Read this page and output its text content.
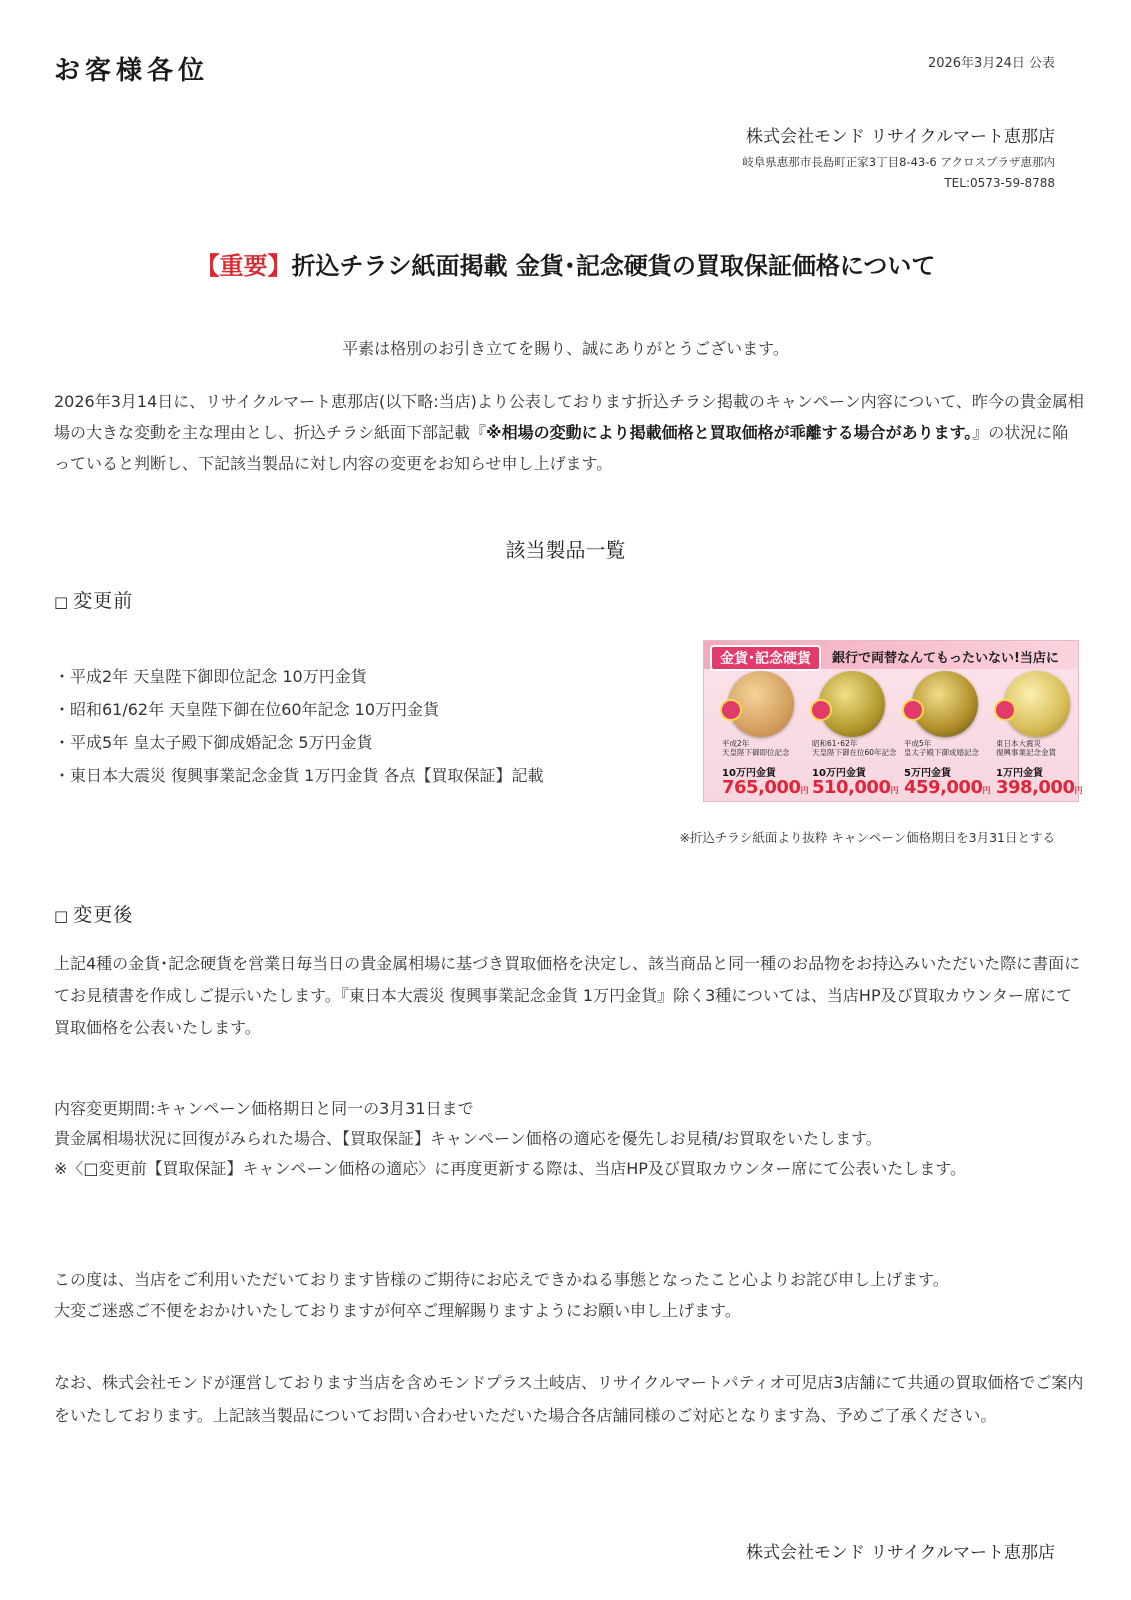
お客様各位	2026年3月24日 公表
株式会社モンド リサイクルマート恵那店
岐阜県恵那市長島町正家3丁目8-43-6 アクロスプラザ恵那内
TEL:0573-59-8788
【重要】折込チラシ紙面掲載 金貨･記念硬貨の買取保証価格について
平素は格別のお引き立てを賜り、誠にありがとうございます。
2026年3月14日に、リサイクルマート恵那店(以下略:当店)より公表しております折込チラシ掲載のキャンペーン内容について、昨今の貴金属相場の大きな変動を主な理由とし、折込チラシ紙面下部記載『※相場の変動により掲載価格と買取価格が乖離する場合があります。』の状況に陥っていると判断し、下記該当製品に対し内容の変更をお知らせ申し上げます。
該当製品一覧
□ 変更前
・平成2年 天皇陛下御即位記念 10万円金貨
・昭和61/62年 天皇陛下御在位60年記念 10万円金貨
・平成5年 皇太子殿下御成婚記念 5万円金貨
・東日本大震災 復興事業記念金貨 1万円金貨 各点【買取保証】記載
金貨･記念硬貨	銀行で両替なんてもったいない!当店に
平成2年
天皇陛下御即位記念
昭和61･62年
天皇陛下御在位60年記念
平成5年
皇太子殿下御成婚記念
東日本大震災
復興事業記念金貨
10万円金貨	10万円金貨	5万円金貨	1万円金貨
765,000円 510,000円 459,000円 398,000円
※折込チラシ紙面より抜粋 キャンペーン価格期日を3月31日とする
□ 変更後
上記4種の金貨･記念硬貨を営業日毎当日の貴金属相場に基づき買取価格を決定し、該当商品と同一種のお品物をお持込みいただいた際に書面にてお見積書を作成しご提示いたします。『東日本大震災 復興事業記念金貨 1万円金貨』除く3種については、当店HP及び買取カウンター席にて買取価格を公表いたします。
内容変更期間:キャンペーン価格期日と同一の3月31日まで
貴金属相場状況に回復がみられた場合、【買取保証】キャンペーン価格の適応を優先しお見積/お買取をいたします。
※〈□変更前【買取保証】キャンペーン価格の適応〉に再度更新する際は、当店HP及び買取カウンター席にて公表いたします。
この度は、当店をご利用いただいております皆様のご期待にお応えできかねる事態となったこと心よりお詫び申し上げます。
大変ご迷惑ご不便をおかけいたしておりますが何卒ご理解賜りますようにお願い申し上げます。
なお、株式会社モンドが運営しております当店を含めモンドプラス土岐店、リサイクルマートパティオ可児店3店舗にて共通の買取価格でご案内をいたしております。上記該当製品についてお問い合わせいただいた場合各店舗同様のご対応となります為、予めご了承ください。
株式会社モンド リサイクルマート恵那店
